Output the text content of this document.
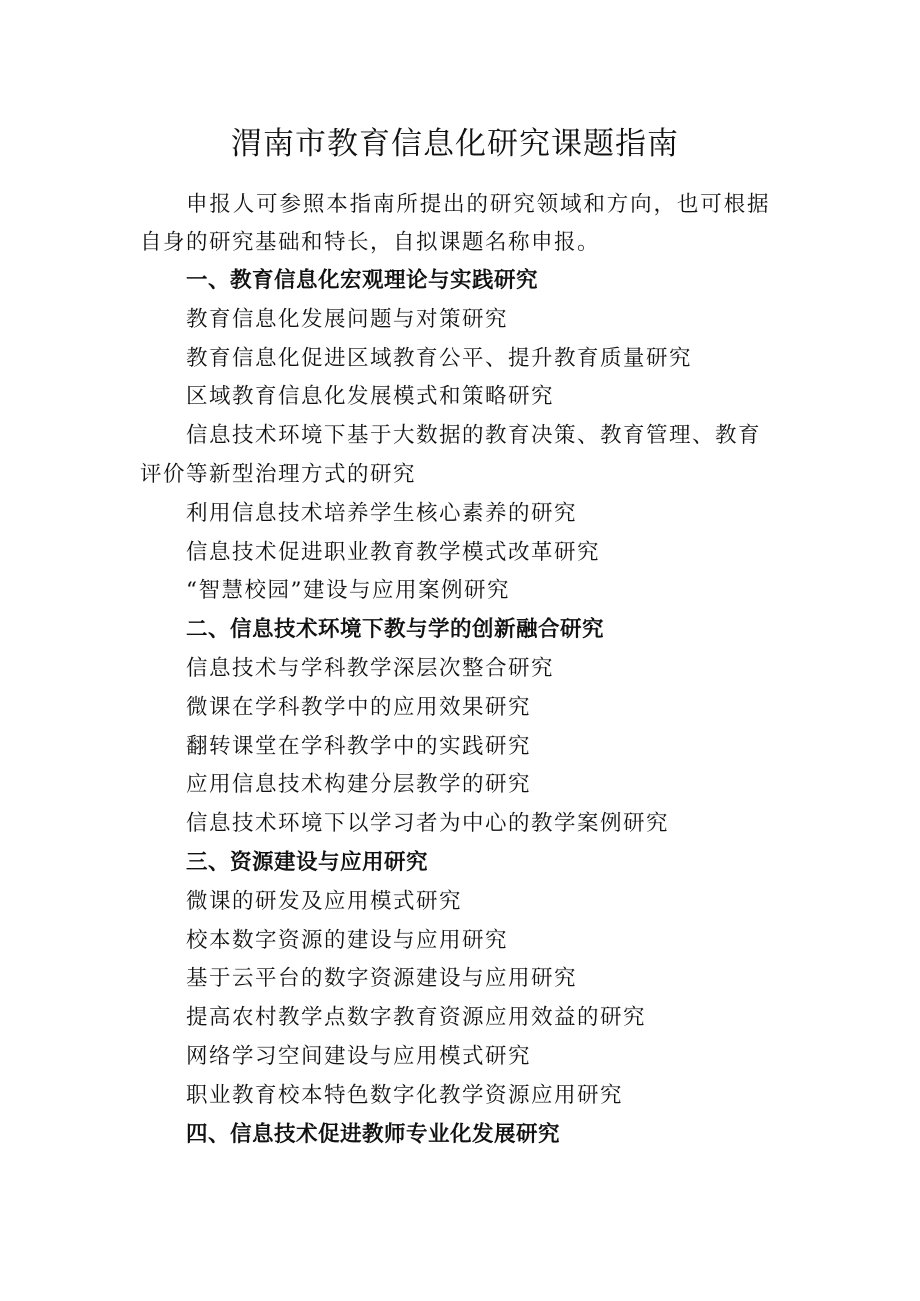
渭南市教育信息化研究课题指南

申报人可参照本指南所提出的研究领域和方向，也可根据自身的研究基础和特长，自拟课题名称申报。

一、教育信息化宏观理论与实践研究
教育信息化发展问题与对策研究
教育信息化促进区域教育公平、提升教育质量研究
区域教育信息化发展模式和策略研究
信息技术环境下基于大数据的教育决策、教育管理、教育评价等新型治理方式的研究
利用信息技术培养学生核心素养的研究
信息技术促进职业教育教学模式改革研究
“智慧校园”建设与应用案例研究
二、信息技术环境下教与学的创新融合研究
信息技术与学科教学深层次整合研究
微课在学科教学中的应用效果研究
翻转课堂在学科教学中的实践研究
应用信息技术构建分层教学的研究
信息技术环境下以学习者为中心的教学案例研究
三、资源建设与应用研究
微课的研发及应用模式研究
校本数字资源的建设与应用研究
基于云平台的数字资源建设与应用研究
提高农村教学点数字教育资源应用效益的研究
网络学习空间建设与应用模式研究
职业教育校本特色数字化教学资源应用研究
四、信息技术促进教师专业化发展研究
